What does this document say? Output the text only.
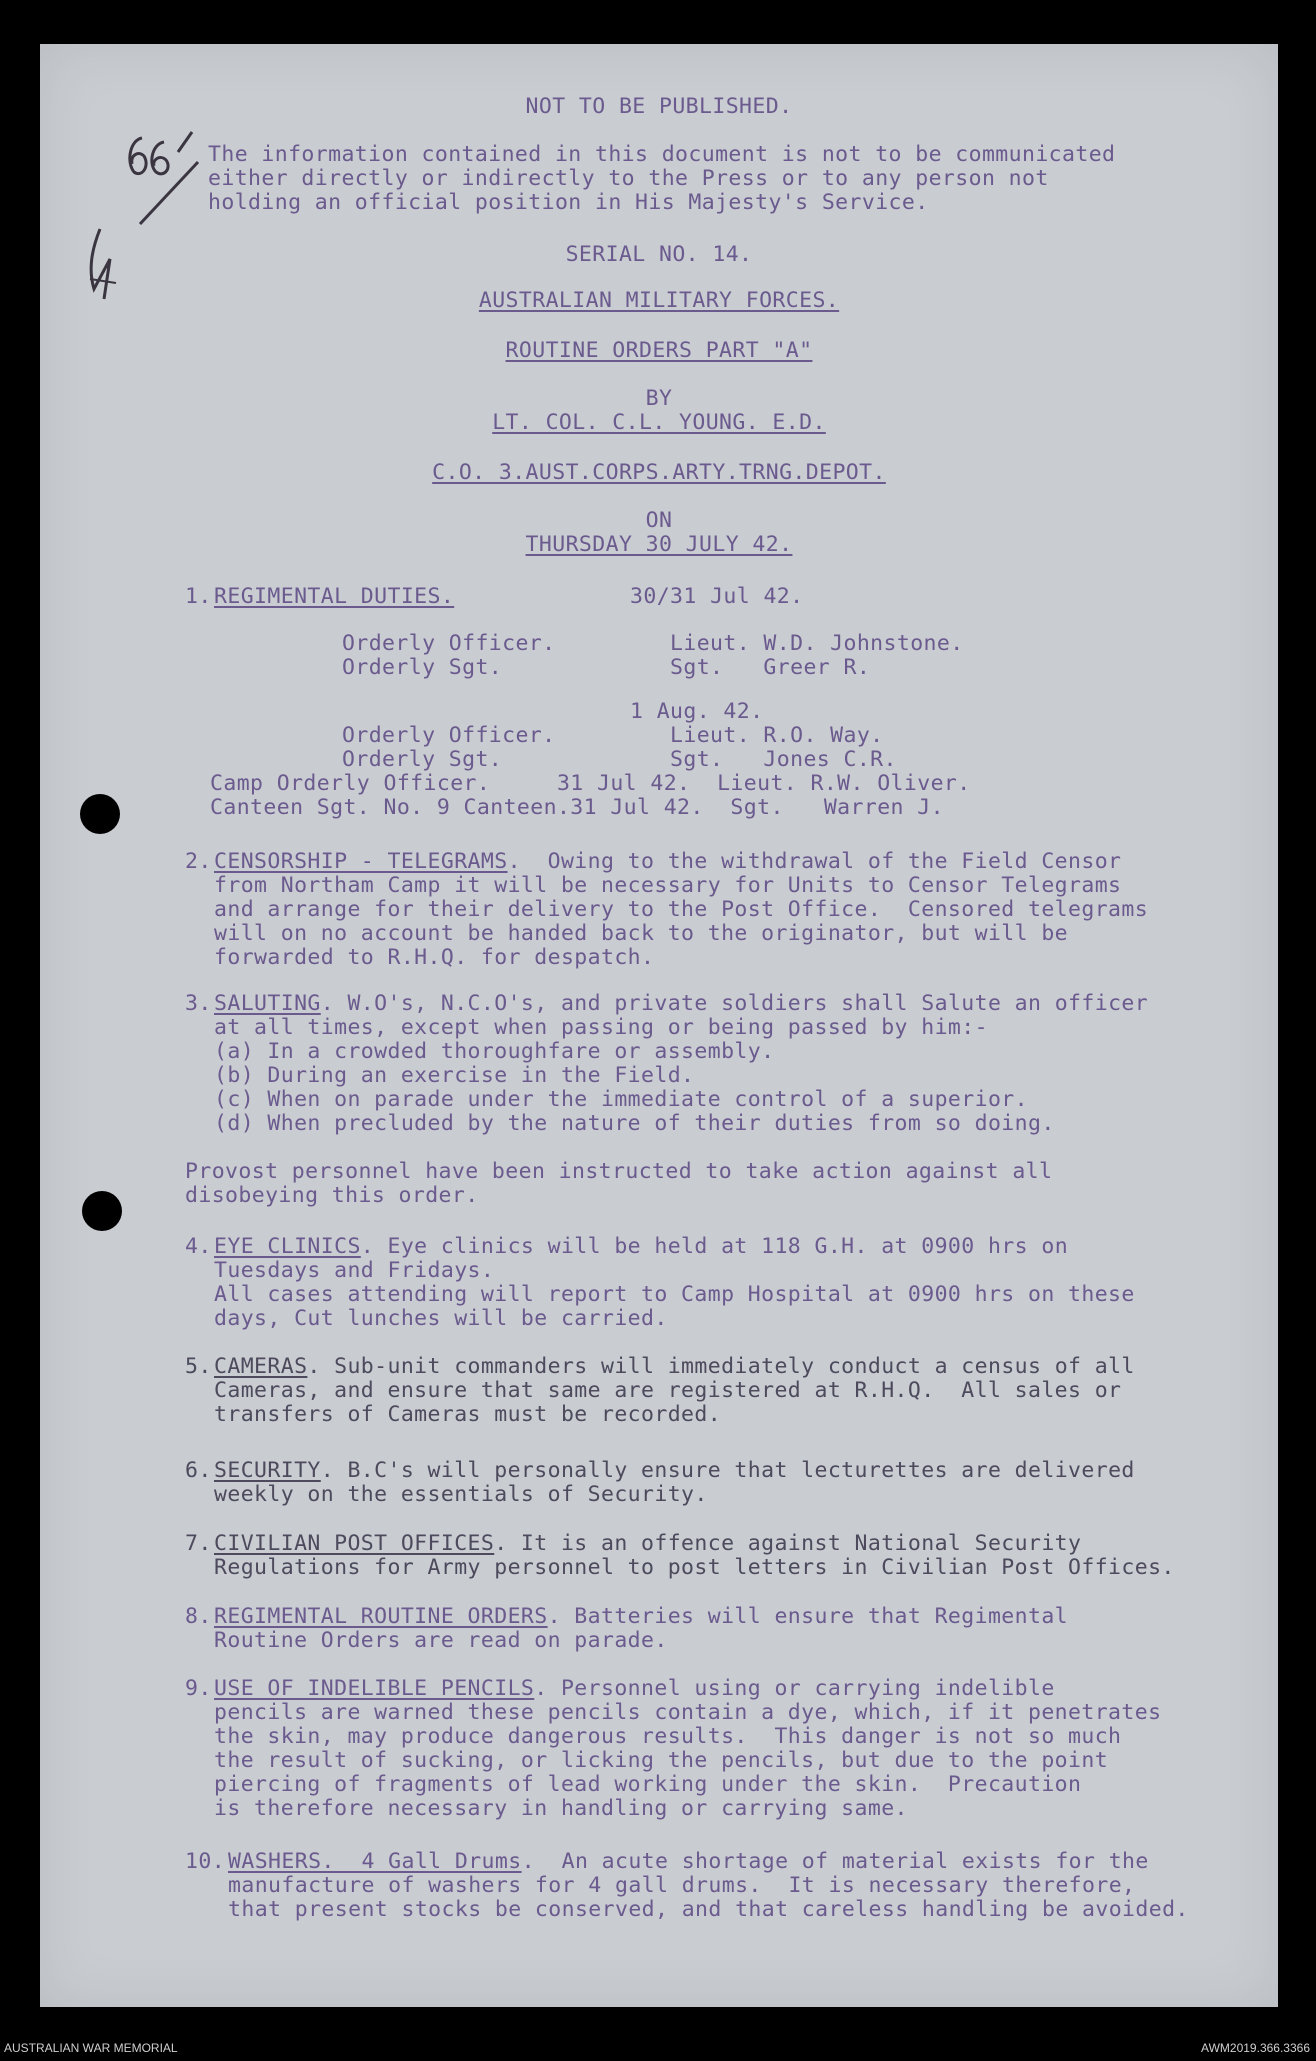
NOT TO BE PUBLISHED.
The information contained in this document is not to be communicated
either directly or indirectly to the Press or to any person not
holding an official position in His Majesty's Service.
SERIAL NO. 14.
AUSTRALIAN MILITARY FORCES.
ROUTINE ORDERS PART "A"
BY
LT. COL. C.L. YOUNG. E.D.
C.O. 3.AUST.CORPS.ARTY.TRNG.DEPOT.
ON
THURSDAY 30 JULY 42.
1. REGIMENTAL DUTIES.	30/31 Jul 42.
Orderly Officer.	Lieut. W.D. Johnstone.
Orderly Sgt.	Sgt.   Greer R.
1 Aug. 42.
Orderly Officer.	Lieut. R.O. Way.
Orderly Sgt.	Sgt.   Jones C.R.
Camp Orderly Officer.     31 Jul 42.  Lieut. R.W. Oliver.
Canteen Sgt. No. 9 Canteen.31 Jul 42.  Sgt.   Warren J.
2. CENSORSHIP - TELEGRAMS.  Owing to the withdrawal of the Field Censor
from Northam Camp it will be necessary for Units to Censor Telegrams
and arrange for their delivery to the Post Office.  Censored telegrams
will on no account be handed back to the originator, but will be
forwarded to R.H.Q. for despatch.
3. SALUTING. W.O's, N.C.O's, and private soldiers shall Salute an officer
at all times, except when passing or being passed by him:-
(a) In a crowded thoroughfare or assembly.
(b) During an exercise in the Field.
(c) When on parade under the immediate control of a superior.
(d) When precluded by the nature of their duties from so doing.
Provost personnel have been instructed to take action against all
disobeying this order.
4. EYE CLINICS. Eye clinics will be held at 118 G.H. at 0900 hrs on
Tuesdays and Fridays.
All cases attending will report to Camp Hospital at 0900 hrs on these
days, Cut lunches will be carried.
5. CAMERAS. Sub-unit commanders will immediately conduct a census of all
Cameras, and ensure that same are registered at R.H.Q.  All sales or
transfers of Cameras must be recorded.
6. SECURITY. B.C's will personally ensure that lecturettes are delivered
weekly on the essentials of Security.
7. CIVILIAN POST OFFICES. It is an offence against National Security
Regulations for Army personnel to post letters in Civilian Post Offices.
8. REGIMENTAL ROUTINE ORDERS. Batteries will ensure that Regimental
Routine Orders are read on parade.
9. USE OF INDELIBLE PENCILS. Personnel using or carrying indelible
pencils are warned these pencils contain a dye, which, if it penetrates
the skin, may produce dangerous results.  This danger is not so much
the result of sucking, or licking the pencils, but due to the point
piercing of fragments of lead working under the skin.  Precaution
is therefore necessary in handling or carrying same.
10. WASHERS.  4 Gall Drums.  An acute shortage of material exists for the
manufacture of washers for 4 gall drums.  It is necessary therefore,
that present stocks be conserved, and that careless handling be avoided.
AUSTRALIAN WAR MEMORIAL	AWM2019.366.3366
